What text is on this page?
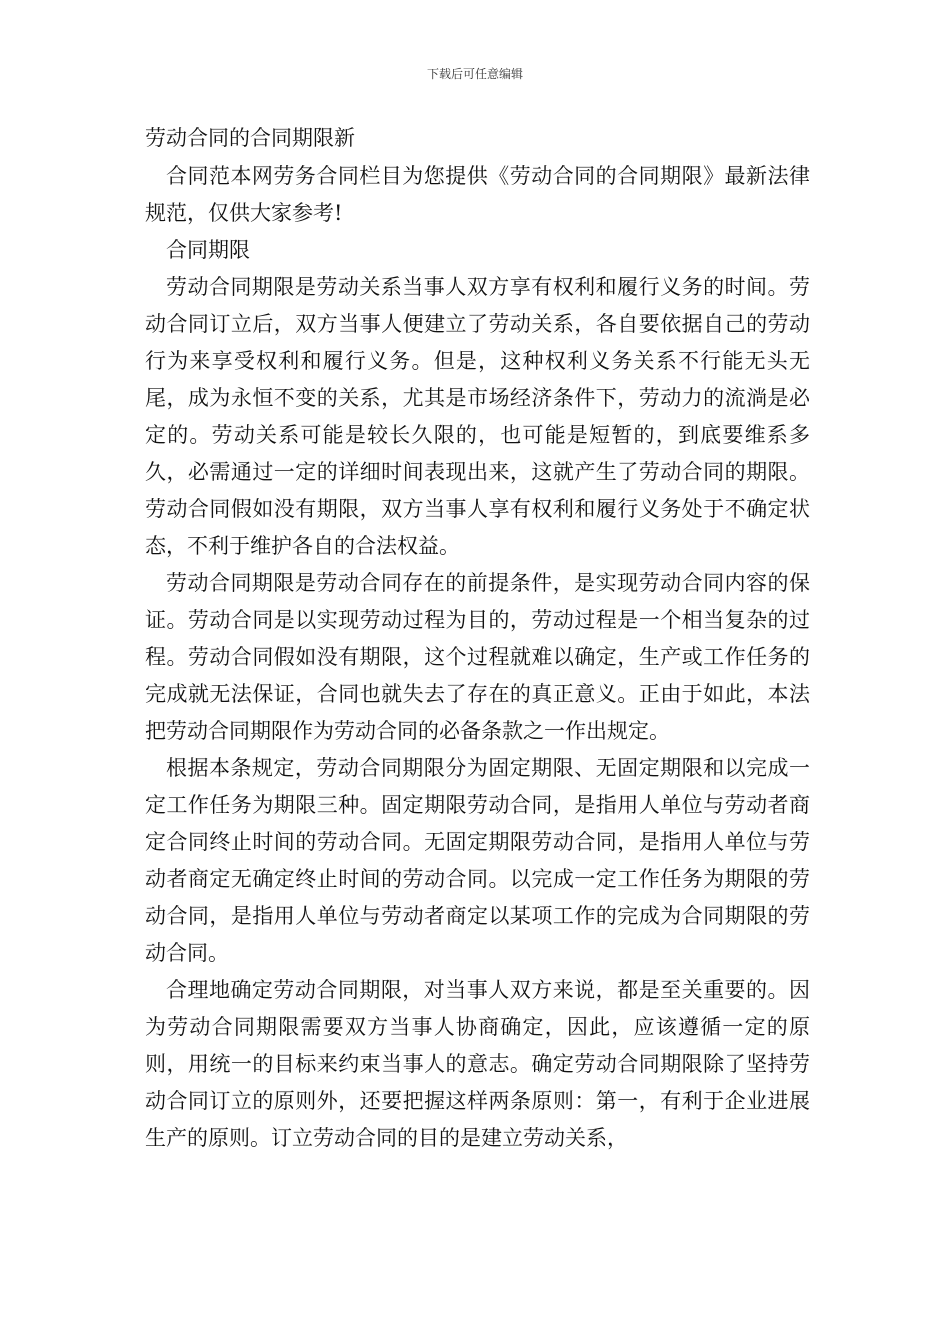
下载后可任意编辑
劳动合同的合同期限新

合同范本网劳务合同栏目为您提供《劳动合同的合同期限》最新法律规范，仅供大家参考!

合同期限

劳动合同期限是劳动关系当事人双方享有权利和履行义务的时间。劳动合同订立后，双方当事人便建立了劳动关系，各自要依据自己的劳动行为来享受权利和履行义务。但是，这种权利义务关系不行能无头无尾，成为永恒不变的关系，尤其是市场经济条件下，劳动力的流淌是必定的。劳动关系可能是较长久限的，也可能是短暂的，到底要维系多久，必需通过一定的详细时间表现出来，这就产生了劳动合同的期限。劳动合同假如没有期限，双方当事人享有权利和履行义务处于不确定状态，不利于维护各自的合法权益。

劳动合同期限是劳动合同存在的前提条件，是实现劳动合同内容的保证。劳动合同是以实现劳动过程为目的，劳动过程是一个相当复杂的过程。劳动合同假如没有期限，这个过程就难以确定，生产或工作任务的完成就无法保证，合同也就失去了存在的真正意义。正由于如此，本法把劳动合同期限作为劳动合同的必备条款之一作出规定。

根据本条规定，劳动合同期限分为固定期限、无固定期限和以完成一定工作任务为期限三种。固定期限劳动合同，是指用人单位与劳动者商定合同终止时间的劳动合同。无固定期限劳动合同，是指用人单位与劳动者商定无确定终止时间的劳动合同。以完成一定工作任务为期限的劳动合同，是指用人单位与劳动者商定以某项工作的完成为合同期限的劳动合同。

合理地确定劳动合同期限，对当事人双方来说，都是至关重要的。因为劳动合同期限需要双方当事人协商确定，因此，应该遵循一定的原则，用统一的目标来约束当事人的意志。确定劳动合同期限除了坚持劳动合同订立的原则外，还要把握这样两条原则：第一，有利于企业进展生产的原则。订立劳动合同的目的是建立劳动关系，
